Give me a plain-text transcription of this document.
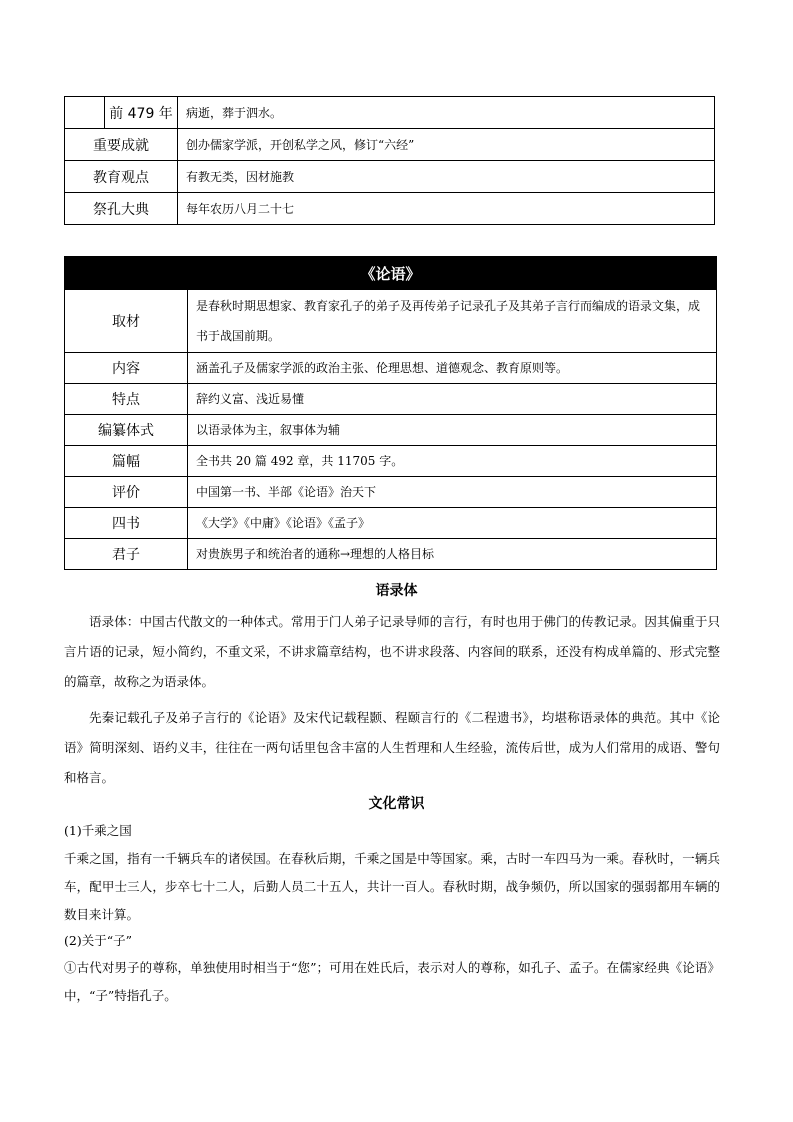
	前 479 年	病逝，葬于泗水。
重要成就		创办儒家学派，开创私学之风，修订“六经”
教育观点		有教无类，因材施教
祭孔大典		每年农历八月二十七
《论语》	
取材	是春秋时期思想家、教育家孔子的弟子及再传弟子记录孔子及其弟子言行而编成的语录文集，成书于战国前期。
内容	涵盖孔子及儒家学派的政治主张、伦理思想、道德观念、教育原则等。
特点	辞约义富、浅近易懂
编纂体式	以语录体为主，叙事体为辅
篇幅	全书共 20 篇 492 章，共 11705 字。
评价	中国第一书、半部《论语》治天下
四书	《大学》《中庸》《论语》《孟子》
君子	对贵族男子和统治者的通称→理想的人格目标
语录体

语录体：中国古代散文的一种体式。常用于门人弟子记录导师的言行，有时也用于佛门的传教记录。因其偏重于只言片语的记录，短小简约，不重文采，不讲求篇章结构，也不讲求段落、内容间的联系，还没有构成单篇的、形式完整的篇章，故称之为语录体。

先秦记载孔子及弟子言行的《论语》及宋代记载程颢、程颐言行的《二程遗书》，均堪称语录体的典范。其中《论语》简明深刻、语约义丰，往往在一两句话里包含丰富的人生哲理和人生经验，流传后世，成为人们常用的成语、警句和格言。

文化常识

(1)千乘之国

千乘之国，指有一千辆兵车的诸侯国。在春秋后期，千乘之国是中等国家。乘，古时一车四马为一乘。春秋时，一辆兵车，配甲士三人，步卒七十二人，后勤人员二十五人，共计一百人。春秋时期，战争频仍，所以国家的强弱都用车辆的数目来计算。

(2)关于“子”

①古代对男子的尊称，单独使用时相当于“您”；可用在姓氏后，表示对人的尊称，如孔子、孟子。在儒家经典《论语》中，“子”特指孔子。
